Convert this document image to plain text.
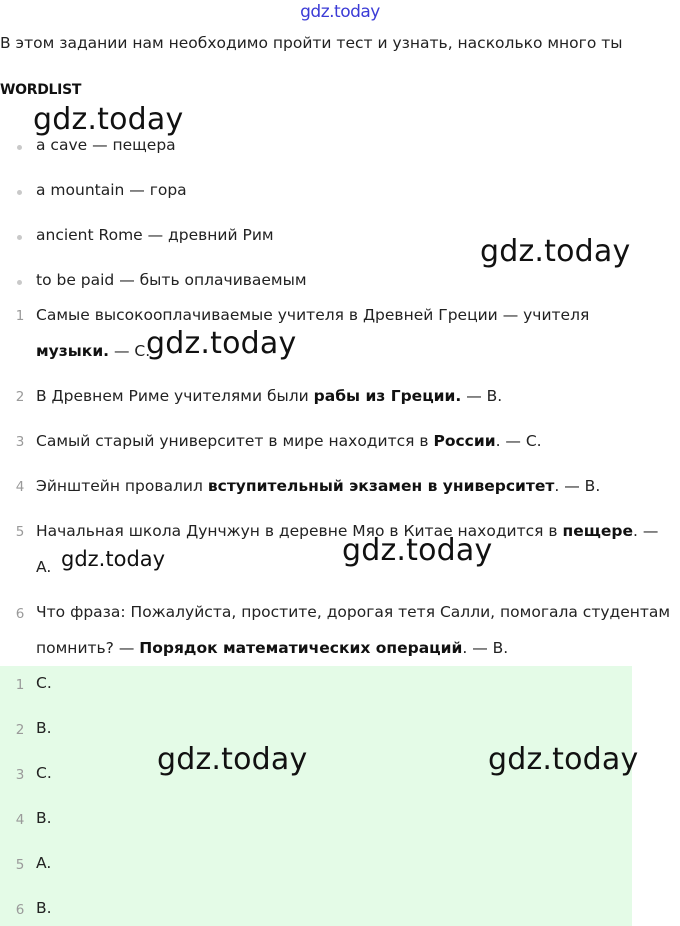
gdz.today
В этом задании нам необходимо пройти тест и узнать, насколько много ты
WORDLIST
gdz.today
gdz.today
a cave — пещера
a mountain — гора
ancient Rome — древний Рим
to be paid — быть оплачиваемым
1 Самые высокооплачиваемые учителя в Древней Греции — учителя
музыки. — C.
gdz.today
2 В Древнем Риме учителями были рабы из Греции. — B.
3 Самый старый университет в мире находится в России. — C.
4 Эйнштейн провалил вступительный экзамен в университет. — B.
5 Начальная школа Дунчжун в деревне Мяо в Китае находится в пещере. —
A. gdz.today	gdz.today
6 Что фраза: Пожалуйста, простите, дорогая тетя Салли, помогала студентам
помнить? — Порядок математических операций. — B.
1 C.
2 B.
3 C.
4 B.
5 A.
6 B.
gdz.today	gdz.today
